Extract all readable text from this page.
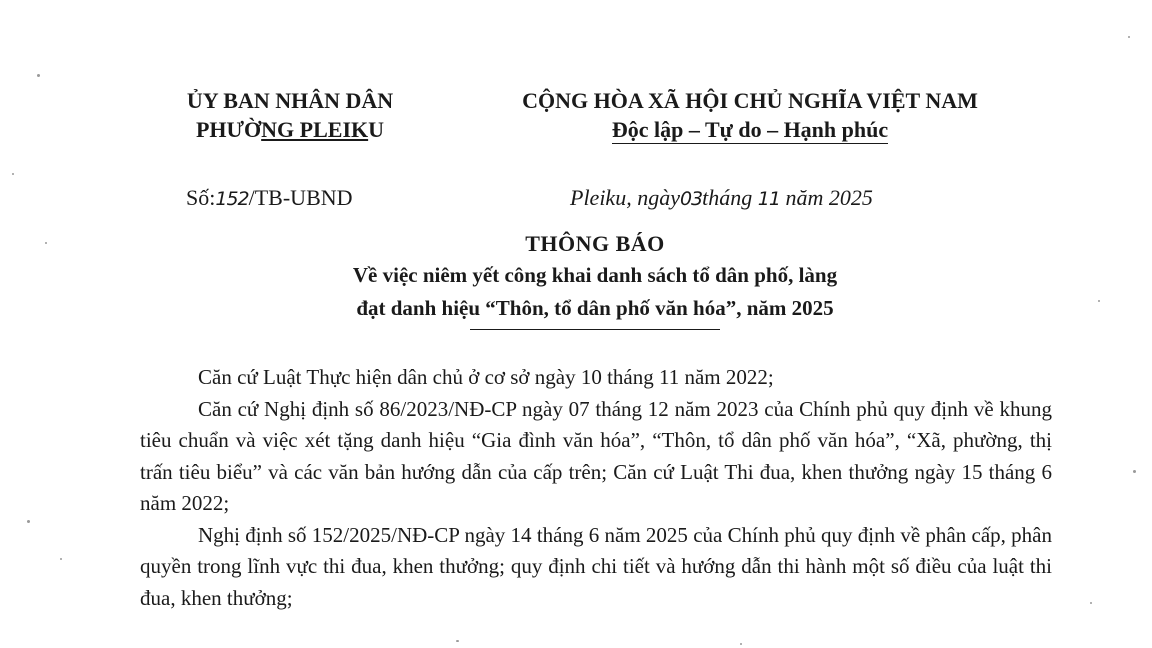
ỦY BAN NHÂN DÂN
PHƯỜNG PLEIKU
CỘNG HÒA XÃ HỘI CHỦ NGHĨA VIỆT NAM
Độc lập – Tự do – Hạnh phúc
Số:152/TB-UBND	Pleiku, ngày03tháng 11 năm 2025
THÔNG BÁO
Về việc niêm yết công khai danh sách tổ dân phố, làng
đạt danh hiệu “Thôn, tổ dân phố văn hóa”, năm 2025

Căn cứ Luật Thực hiện dân chủ ở cơ sở ngày 10 tháng 11 năm 2022;

Căn cứ Nghị định số 86/2023/NĐ-CP ngày 07 tháng 12 năm 2023 của Chính phủ quy định về khung tiêu chuẩn và việc xét tặng danh hiệu “Gia đình văn hóa”, “Thôn, tổ dân phố văn hóa”, “Xã, phường, thị trấn tiêu biểu” và các văn bản hướng dẫn của cấp trên; Căn cứ Luật Thi đua, khen thưởng ngày 15 tháng 6 năm 2022;

Nghị định số 152/2025/NĐ-CP ngày 14 tháng 6 năm 2025 của Chính phủ quy định về phân cấp, phân quyền trong lĩnh vực thi đua, khen thưởng; quy định chi tiết và hướng dẫn thi hành một số điều của luật thi đua, khen thưởng;
